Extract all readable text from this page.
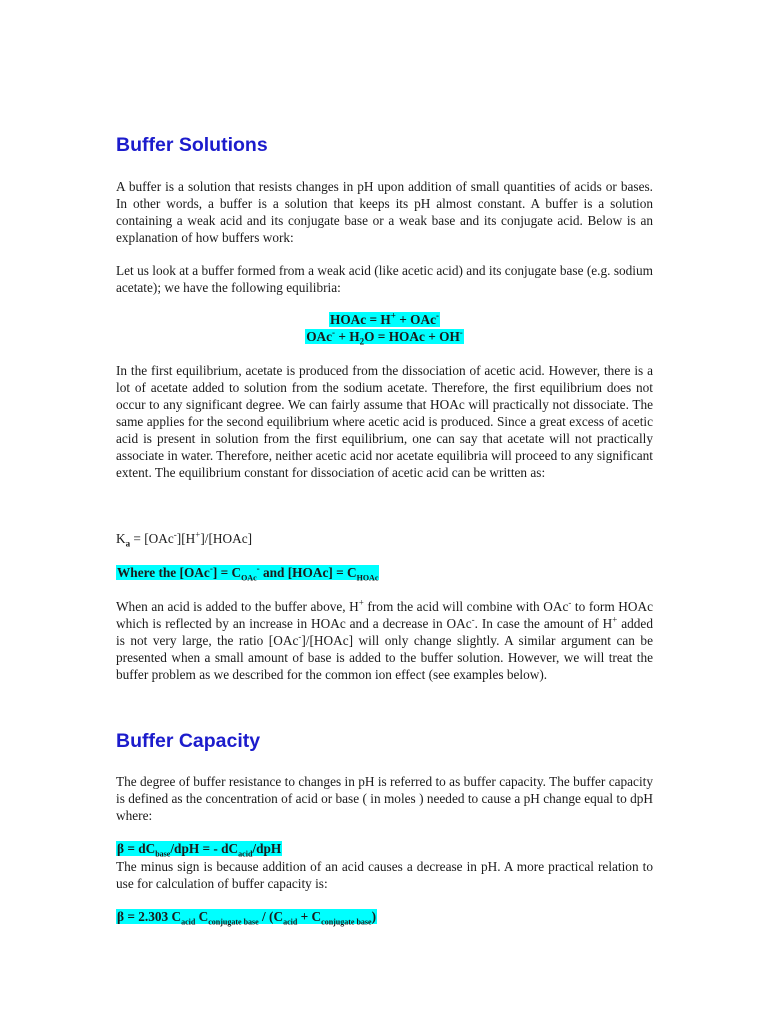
Buffer Solutions

A buffer is a solution that resists changes in pH upon addition of small quantities of acids or bases. In other words, a buffer is a solution that keeps its pH almost constant. A buffer is a solution containing a weak acid and its conjugate base or a weak base and its conjugate acid. Below is an explanation of how buffers work:

Let us look at a buffer formed from a weak acid (like acetic acid) and its conjugate base (e.g. sodium acetate); we have the following equilibria:

HOAc = H+ + OAc-
$OAc^- + H_2O$ = HOAc + OH-

In the first equilibrium, acetate is produced from the dissociation of acetic acid. However, there is a lot of acetate added to solution from the sodium acetate. Therefore, the first equilibrium does not occur to any significant degree. We can fairly assume that HOAc will practically not dissociate. The same applies for the second equilibrium where acetic acid is produced. Since a great excess of acetic acid is present in solution from the first equilibrium, one can say that acetate will not practically associate in water. Therefore, neither acetic acid nor acetate equilibria will proceed to any significant extent. The equilibrium constant for dissociation of acetic acid can be written as:

$K_a$ = [OAc-][H+]/[HOAc]
Where the $[OAc^-] = C_{OAc}^-$ and [HOAc] = $C_{HOAc}$

When an acid is added to the buffer above, H+ from the acid will combine with OAc- to form HOAc which is reflected by an increase in HOAc and a decrease in OAc-. In case the amount of H+ added is not very large, the ratio [OAc-]/[HOAc] will only change slightly. A similar argument can be presented when a small amount of base is added to the buffer solution. However, we will treat the buffer problem as we described for the common ion effect (see examples below).

Buffer Capacity

The degree of buffer resistance to changes in pH is referred to as buffer capacity. The buffer capacity is defined as the concentration of acid or base ( in moles ) needed to cause a pH change equal to dpH where:

$\beta = dC_{base}$/dpH = - $dC_{acid}$/dpH

The minus sign is because addition of an acid causes a decrease in pH. A more practical relation to use for calculation of buffer capacity is:

β = 2.303 $C_{acid}$ $C_{conjugate base} / (C_{acid} + C_{conjugate base})$
